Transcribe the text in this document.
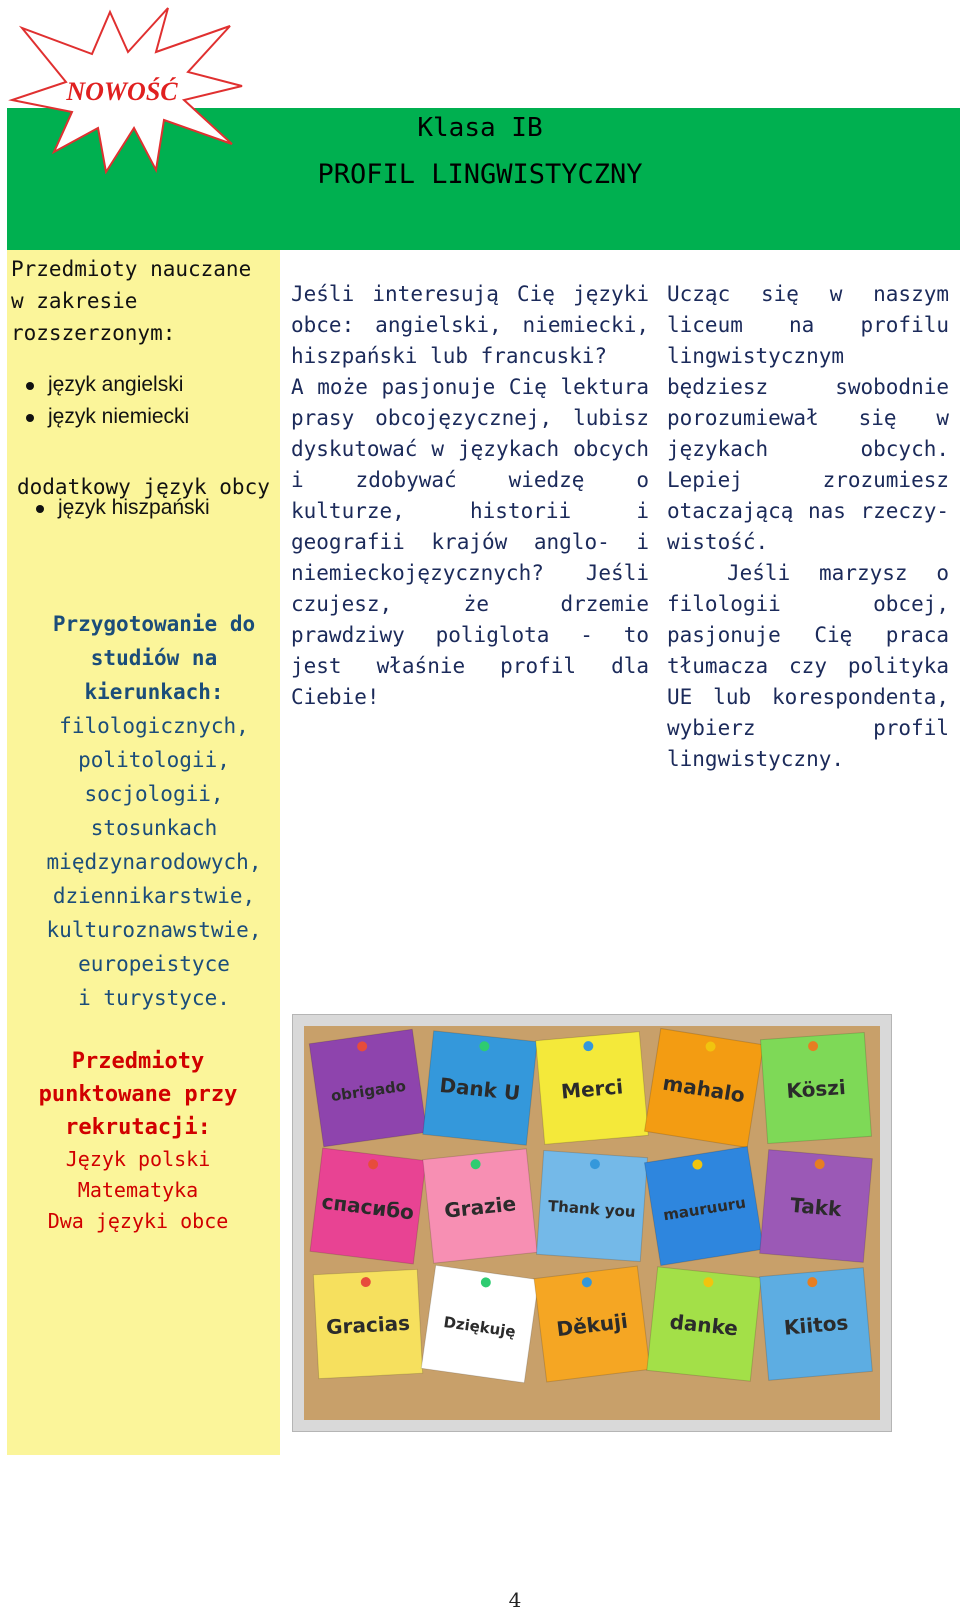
Klasa IB
PROFIL LINGWISTYCZNY
NOWOŚĆ
Przedmioty nauczane
w zakresie
rozszerzonym:
język angielski
język niemiecki
dodatkowy język obcy
język hiszpański
Przygotowanie do
studiów na
kierunkach:
filologicznych,
politologii,
socjologii,
stosunkach
międzynarodowych,
dziennikarstwie,
kulturoznawstwie,
europeistyce
i turystyce.
Przedmioty
punktowane przy
rekrutacji:
Język polski
Matematyka
Dwa języki obce

Jeśli interesują Cię języki obce: angielski, niemiecki, hiszpański lub francuski?

A może pasjonuje Cię lektura prasy obcojęzycznej, lubisz dyskutować w językach obcych i zdobywać wiedzę o kulturze, historii i geografii krajów anglo- i niemieckojęzycznych? Jeśli czujesz, że drzemie prawdziwy poliglota - to jest właśnie profil dla Ciebie!

Ucząc się w naszym liceum na profilu lingwistycznym będziesz swobodnie porozumiewał się w językach obcych. Lepiej zrozumiesz otaczającą nas rzeczy-wistość.

Jeśli marzysz o filologii obcej, pasjonuje Cię praca tłumacza czy polityka UE lub korespondenta, wybierz profil lingwistyczny.

obrigado Dank U Merci mahalo Köszi
спасибо Grazie Thank you mauruuru Takk
Gracias Dziękuję Děkuji danke Kiitos
4
